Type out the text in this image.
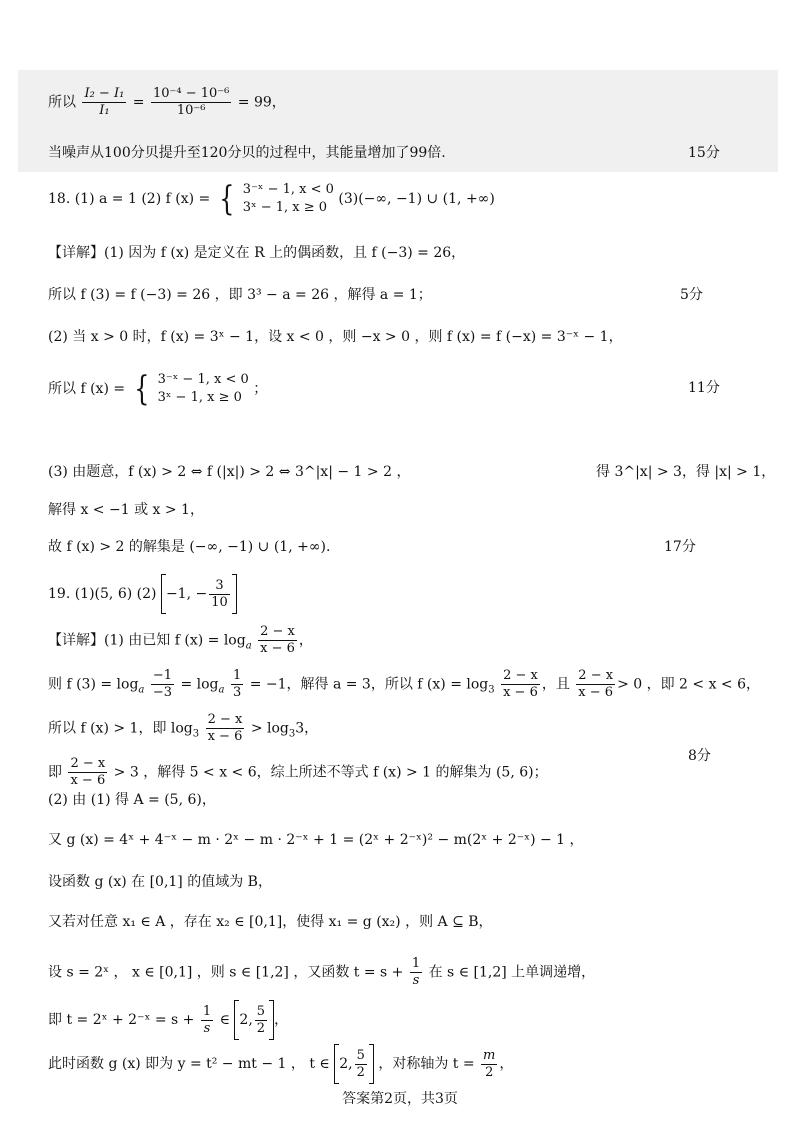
所以 $\frac{\text{I₂ − I₁}}{\text{I₁}} = \frac{\text{10⁻⁴ − 10⁻⁶}}{\text{10⁻⁶}} = 99$，
当噪声从100分贝提升至120分贝的过程中，其能量增加了99倍.	15分
18. (1) a = 1 (2) f (x) = { 3⁻ˣ − 1, x < 0
3ˣ − 1, x ≥ 0
(3)(−∞, −1) ∪ (1, +∞)
【详解】(1) 因为 f (x) 是定义在 R 上的偶函数，且 f (−3) = 26，
所以 f (3) = f (−3) = 26 ，即 3³ − a = 26 ，解得 a = 1；	5分
(2) 当 x > 0 时，f (x) = 3ˣ − 1，设 x < 0 ，则 −x > 0 ，则 f (x) = f (−x) = 3⁻ˣ − 1，
所以 f (x) = { 3⁻ˣ − 1, x < 0
3ˣ − 1, x ≥ 0
；	11分
(3) 由题意，f (x) > 2 ⇔ f (|x|) > 2 ⇔ 3^|x| − 1 > 2 ，	得 3^|x| > 3，得 |x| > 1，
解得 x < −1 或 x > 1，
故 f (x) > 2 的解集是 (−∞, −1) ∪ (1, +∞).	17分
19. (1)(5, 6) (2) −1, − $\frac{3}{10}$
【详解】(1) 由已知 f $(x) = \log_a \frac{2 - x}{x - 6}$ ，
则 f $(3) = \log_a \frac{-1}{-3} = \log_a \frac{1}{3} = -1$，解得 a = 3，所以 f $(x) = \log_3 \frac{2 - x}{x - 6}$ ，且 $\frac{2 - x}{x - 6} > 0$ ，即 2 < x < 6，
所以 f (x) > 1，即 $\log_3 \frac{2 - x}{x - 6} > \log_33$，
即 $\frac{2 - x}{x - 6} > 3$ ，解得 5 < x < 6，综上所述不等式 f (x) > 1 的解集为 (5, 6)；
8分
(2) 由 (1) 得 A = (5, 6)，
又 g (x) = 4ˣ + 4⁻ˣ − m · 2ˣ − m · 2⁻ˣ + 1 = (2ˣ + 2⁻ˣ)² − m(2ˣ + 2⁻ˣ) − 1 ，
设函数 g (x) 在 [0,1] 的值域为 B，
又若对任意 x₁ ∈ A ，存在 x₂ ∈ [0,1]，使得 x₁ = g (x₂) ，则 A ⊆ B，
设 s = 2ˣ ， x ∈ [0,1] ，则 s ∈ [1,2] ，又函数 $t = s + \frac{1}{s}$ 在 s ∈ [1,2] 上单调递增，
即 t = 2ˣ + 2⁻ˣ = $s + \frac{1}{s}$ ∈ 2, $\frac{5}{2}$ ，
此时函数 g (x) 即为 y = t² − mt − 1 ， t ∈ 2, $\frac{5}{2}$ ，对称轴为 $t = \frac{m}{2}$ ，
答案第2页，共3页
